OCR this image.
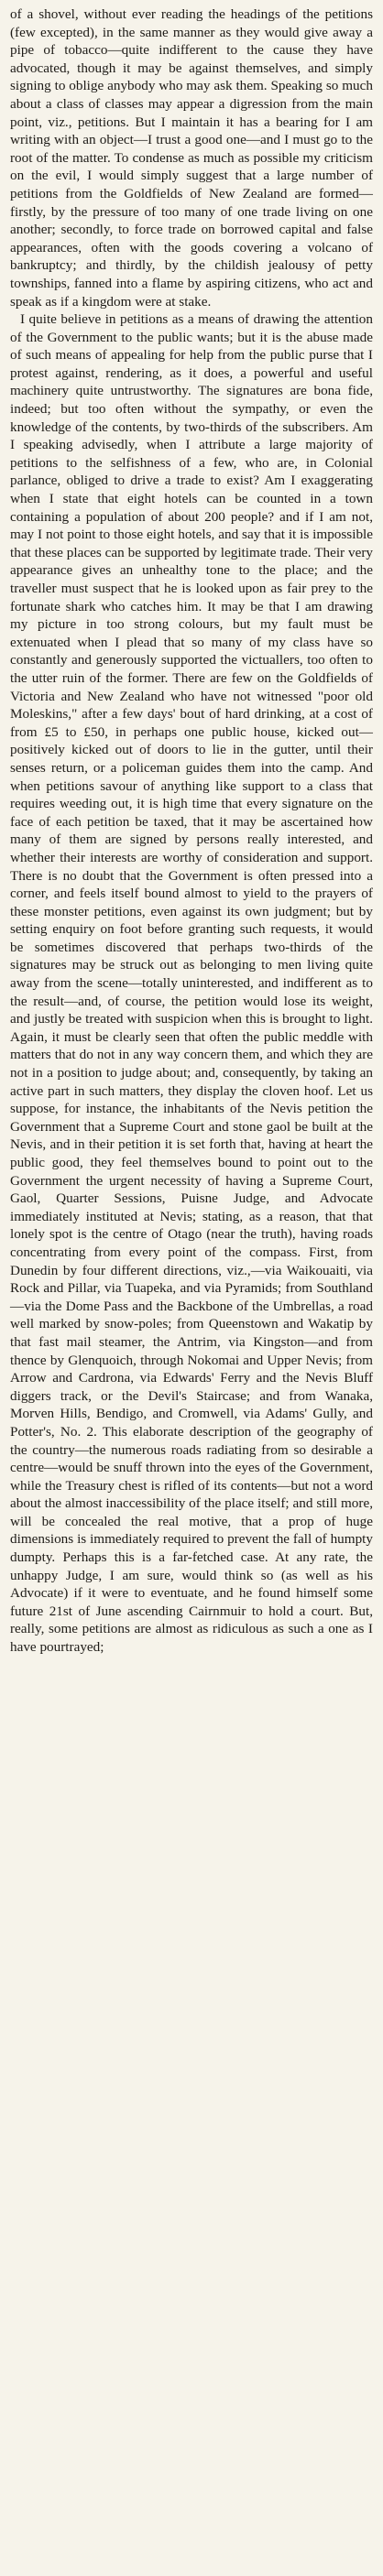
of a shovel, without ever reading the headings of the petitions (few excepted), in the same manner as they would give away a pipe of tobacco—quite indifferent to the cause they have advocated, though it may be against themselves, and simply signing to oblige anybody who may ask them. Speaking so much about a class of classes may appear a digression from the main point, viz., petitions. But I maintain it has a bearing for I am writing with an object—I trust a good one—and I must go to the root of the matter. To condense as much as possible my criticism on the evil, I would simply suggest that a large number of petitions from the Goldfields of New Zealand are formed—firstly, by the pressure of too many of one trade living on one another; secondly, to force trade on borrowed capital and false appearances, often with the goods covering a volcano of bankruptcy; and thirdly, by the childish jealousy of petty townships, fanned into a flame by aspiring citizens, who act and speak as if a kingdom were at stake.

I quite believe in petitions as a means of drawing the attention of the Government to the public wants; but it is the abuse made of such means of appealing for help from the public purse that I protest against, rendering, as it does, a powerful and useful machinery quite untrustworthy. The signatures are bona fide, indeed; but too often without the sympathy, or even the knowledge of the contents, by two-thirds of the subscribers. Am I speaking advisedly, when I attribute a large majority of petitions to the selfishness of a few, who are, in Colonial parlance, obliged to drive a trade to exist? Am I exaggerating when I state that eight hotels can be counted in a town containing a population of about 200 people? and if I am not, may I not point to those eight hotels, and say that it is impossible that these places can be supported by legitimate trade. Their very appearance gives an unhealthy tone to the place; and the traveller must suspect that he is looked upon as fair prey to the fortunate shark who catches him. It may be that I am drawing my picture in too strong colours, but my fault must be extenuated when I plead that so many of my class have so constantly and generously supported the victuallers, too often to the utter ruin of the former. There are few on the Goldfields of Victoria and New Zealand who have not witnessed "poor old Moleskins," after a few days' bout of hard drinking, at a cost of from £5 to £50, in perhaps one public house, kicked out—positively kicked out of doors to lie in the gutter, until their senses return, or a policeman guides them into the camp. And when petitions savour of anything like support to a class that requires weeding out, it is high time that every signature on the face of each petition be taxed, that it may be ascertained how many of them are signed by persons really interested, and whether their interests are worthy of consideration and support. There is no doubt that the Government is often pressed into a corner, and feels itself bound almost to yield to the prayers of these monster petitions, even against its own judgment; but by setting enquiry on foot before granting such requests, it would be sometimes discovered that perhaps two-thirds of the signatures may be struck out as belonging to men living quite away from the scene—totally uninterested, and indifferent as to the result—and, of course, the petition would lose its weight, and justly be treated with suspicion when this is brought to light. Again, it must be clearly seen that often the public meddle with matters that do not in any way concern them, and which they are not in a position to judge about; and, consequently, by taking an active part in such matters, they display the cloven hoof. Let us suppose, for instance, the inhabitants of the Nevis petition the Government that a Supreme Court and stone gaol be built at the Nevis, and in their petition it is set forth that, having at heart the public good, they feel themselves bound to point out to the Government the urgent necessity of having a Supreme Court, Gaol, Quarter Sessions, Puisne Judge, and Advocate immediately instituted at Nevis; stating, as a reason, that that lonely spot is the centre of Otago (near the truth), having roads concentrating from every point of the compass. First, from Dunedin by four different directions, viz.,—via Waikouaiti, via Rock and Pillar, via Tuapeka, and via Pyramids; from Southland—via the Dome Pass and the Backbone of the Umbrellas, a road well marked by snow-poles; from Queenstown and Wakatip by that fast mail steamer, the Antrim, via Kingston—and from thence by Glenquoich, through Nokomai and Upper Nevis; from Arrow and Cardrona, via Edwards' Ferry and the Nevis Bluff diggers track, or the Devil's Staircase; and from Wanaka, Morven Hills, Bendigo, and Cromwell, via Adams' Gully, and Potter's, No. 2. This elaborate description of the geography of the country—the numerous roads radiating from so desirable a centre—would be snuff thrown into the eyes of the Government, while the Treasury chest is rifled of its contents—but not a word about the almost inaccessibility of the place itself; and still more, will be concealed the real motive, that a prop of huge dimensions is immediately required to prevent the fall of humpty dumpty. Perhaps this is a far-fetched case. At any rate, the unhappy Judge, I am sure, would think so (as well as his Advocate) if it were to eventuate, and he found himself some future 21st of June ascending Cairnmuir to hold a court. But, really, some petitions are almost as ridiculous as such a one as I have pourtrayed;
